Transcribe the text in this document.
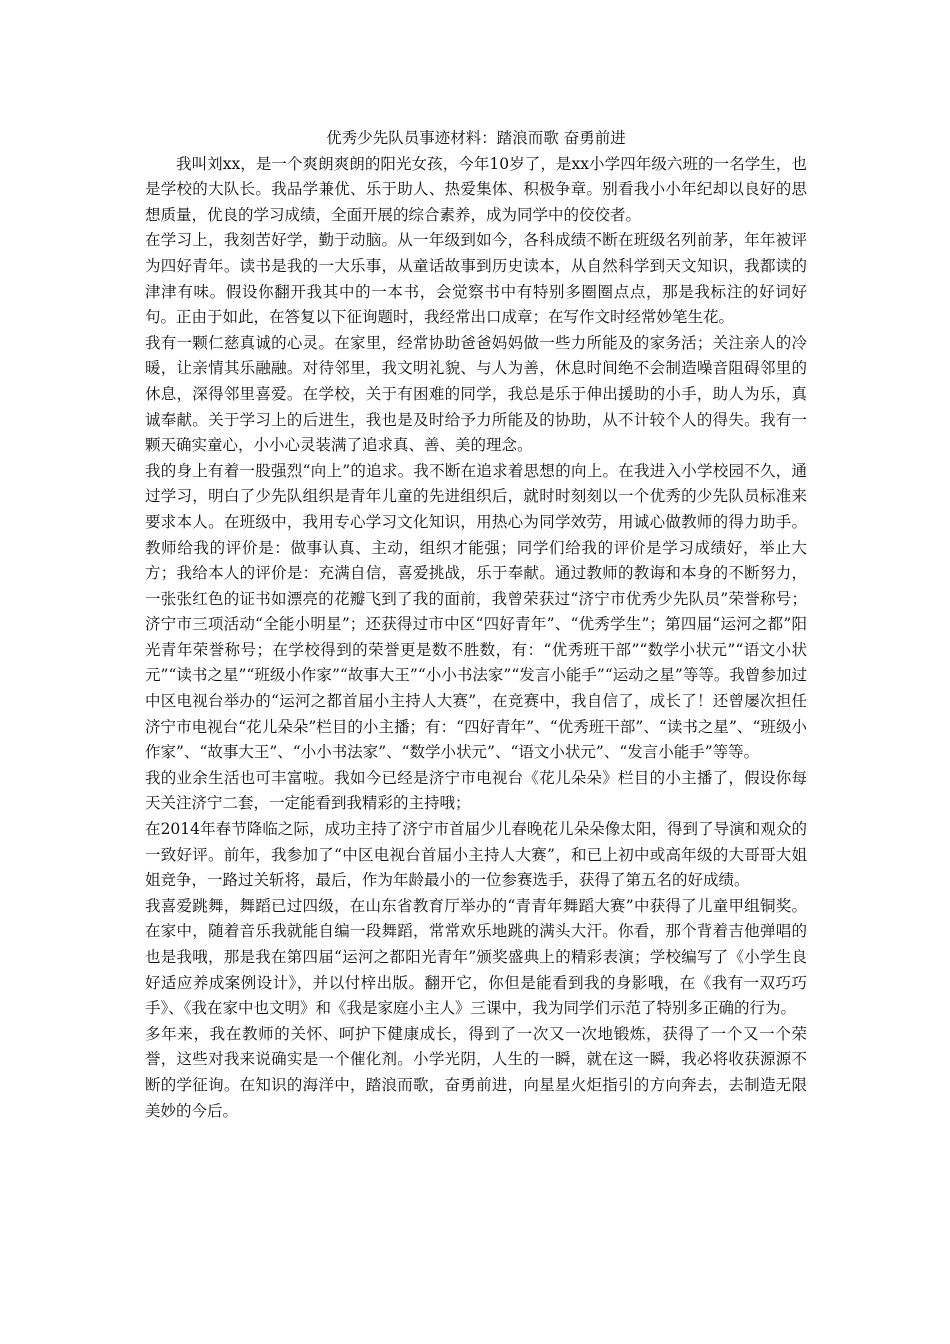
优秀少先队员事迹材料：踏浪而歌 奋勇前进

我叫刘xx，是一个爽朗爽朗的阳光女孩，今年10岁了，是xx小学四年级六班的一名学生，也是学校的大队长。我品学兼优、乐于助人、热爱集体、积极争章。别看我小小年纪却以良好的思想质量，优良的学习成绩，全面开展的综合素养，成为同学中的佼佼者。

在学习上，我刻苦好学，勤于动脑。从一年级到如今，各科成绩不断在班级名列前茅，年年被评为四好青年。读书是我的一大乐事，从童话故事到历史读本，从自然科学到天文知识，我都读的津津有味。假设你翻开我其中的一本书，会觉察书中有特别多圈圈点点，那是我标注的好词好句。正由于如此，在答复以下征询题时，我经常出口成章；在写作文时经常妙笔生花。

我有一颗仁慈真诚的心灵。在家里，经常协助爸爸妈妈做一些力所能及的家务活；关注亲人的冷暖，让亲情其乐融融。对待邻里，我文明礼貌、与人为善，休息时间绝不会制造噪音阻碍邻里的休息，深得邻里喜爱。在学校，关于有困难的同学，我总是乐于伸出援助的小手，助人为乐，真诚奉献。关于学习上的后进生，我也是及时给予力所能及的协助，从不计较个人的得失。我有一颗天确实童心，小小心灵装满了追求真、善、美的理念。

我的身上有着一股强烈“向上”的追求。我不断在追求着思想的向上。在我进入小学校园不久，通过学习，明白了少先队组织是青年儿童的先进组织后，就时时刻刻以一个优秀的少先队员标准来要求本人。在班级中，我用专心学习文化知识，用热心为同学效劳，用诚心做教师的得力助手。教师给我的评价是：做事认真、主动，组织才能强；同学们给我的评价是学习成绩好，举止大方；我给本人的评价是：充满自信，喜爱挑战，乐于奉献。通过教师的教诲和本身的不断努力，一张张红色的证书如漂亮的花瓣飞到了我的面前，我曾荣获过“济宁市优秀少先队员”荣誉称号；济宁市三项活动“全能小明星”；还获得过市中区“四好青年”、“优秀学生”；第四届“运河之都”阳光青年荣誉称号；在学校得到的荣誉更是数不胜数，有：“优秀班干部”“数学小状元”“语文小状元”“读书之星”“班级小作家”“故事大王”“小小书法家”“发言小能手”“运动之星”等等。我曾参加过中区电视台举办的“运河之都首届小主持人大赛”，在竞赛中，我自信了，成长了！还曾屡次担任济宁市电视台“花儿朵朵”栏目的小主播；有：“四好青年”、“优秀班干部”、“读书之星”、“班级小作家”、“故事大王”、“小小书法家”、“数学小状元”、“语文小状元”、“发言小能手”等等。

我的业余生活也可丰富啦。我如今已经是济宁市电视台《花儿朵朵》栏目的小主播了，假设你每天关注济宁二套，一定能看到我精彩的主持哦；

在2014年春节降临之际，成功主持了济宁市首届少儿春晚花儿朵朵像太阳，得到了导演和观众的一致好评。前年，我参加了“中区电视台首届小主持人大赛”，和已上初中或高年级的大哥哥大姐姐竞争，一路过关斩将，最后，作为年龄最小的一位参赛选手，获得了第五名的好成绩。

我喜爱跳舞，舞蹈已过四级，在山东省教育厅举办的“青青年舞蹈大赛”中获得了儿童甲组铜奖。在家中，随着音乐我就能自编一段舞蹈，常常欢乐地跳的满头大汗。你看，那个背着吉他弹唱的也是我哦，那是我在第四届“运河之都阳光青年”颁奖盛典上的精彩表演；学校编写了《小学生良好适应养成案例设计》，并以付梓出版。翻开它，你但是能看到我的身影哦，在《我有一双巧巧手》、《我在家中也文明》和《我是家庭小主人》三课中，我为同学们示范了特别多正确的行为。

多年来，我在教师的关怀、呵护下健康成长，得到了一次又一次地锻炼，获得了一个又一个荣誉，这些对我来说确实是一个催化剂。小学光阴，人生的一瞬，就在这一瞬，我必将收获源源不断的学征询。在知识的海洋中，踏浪而歌，奋勇前进，向星星火炬指引的方向奔去，去制造无限美妙的今后。
